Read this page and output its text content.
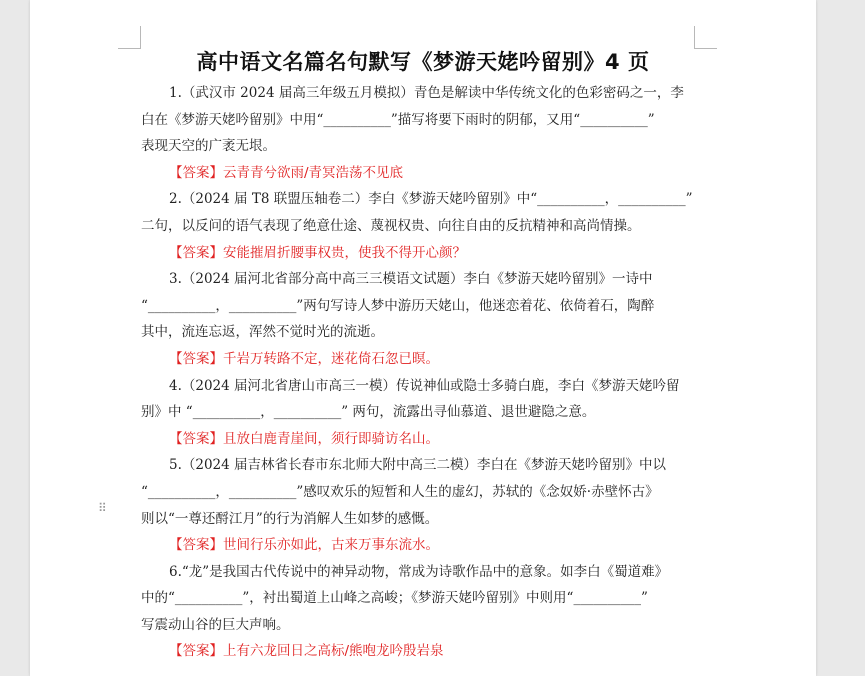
⠿
高中语文名篇名句默写《梦游天姥吟留别》4 页
1.（武汉市 2024 届高三年级五月模拟）青色是解读中华传统文化的色彩密码之一，李
白在《梦游天姥吟留别》中用“__________”描写将要下雨时的阴郁，又用“__________”
表现天空的广袤无垠。
【答案】云青青兮欲雨/青冥浩荡不见底
2.（2024 届 T8 联盟压轴卷二）李白《梦游天姥吟留别》中“__________，__________”
二句，以反问的语气表现了绝意仕途、蔑视权贵、向往自由的反抗精神和高尚情操。
【答案】安能摧眉折腰事权贵，使我不得开心颜？
3.（2024 届河北省部分高中高三三模语文试题）李白《梦游天姥吟留别》一诗中
“__________，__________”两句写诗人梦中游历天姥山，他迷恋着花、依倚着石，陶醉
其中，流连忘返，浑然不觉时光的流逝。
【答案】千岩万转路不定，迷花倚石忽已暝。
4.（2024 届河北省唐山市高三一模）传说神仙或隐士多骑白鹿，李白《梦游天姥吟留
别》中 “__________，__________” 两句，流露出寻仙慕道、退世避隐之意。
【答案】且放白鹿青崖间，须行即骑访名山。
5.（2024 届吉林省长春市东北师大附中高三二模）李白在《梦游天姥吟留别》中以
“__________，__________”感叹欢乐的短暂和人生的虚幻，苏轼的《念奴娇·赤壁怀古》
则以“一尊还酹江月”的行为消解人生如梦的感慨。
【答案】世间行乐亦如此，古来万事东流水。
6.“龙”是我国古代传说中的神异动物，常成为诗歌作品中的意象。如李白《蜀道难》
中的“__________”，衬出蜀道上山峰之高峻；《梦游天姥吟留别》中则用“__________”
写震动山谷的巨大声响。
【答案】上有六龙回日之高标/熊咆龙吟殷岩泉
